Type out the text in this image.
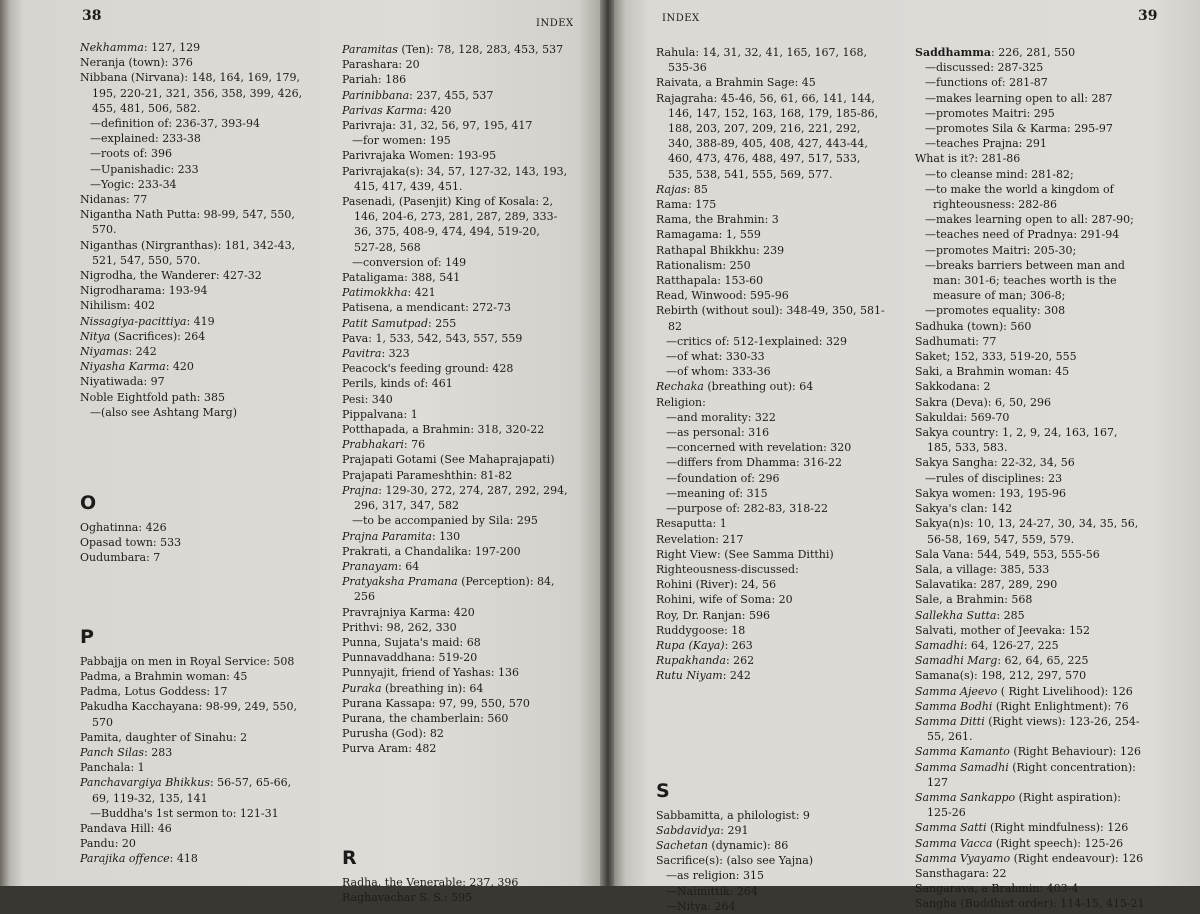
38	INDEX
Nekhamma: 127, 129
Neranja (town): 376
Nibbana (Nirvana): 148, 164, 169, 179, 195, 220-21, 321, 356, 358, 399, 426, 455, 481, 506, 582.
—definition of: 236-37, 393-94
—explained: 233-38
—roots of: 396
—Upanishadic: 233
—Yogic: 233-34
Nidanas: 77
Nigantha Nath Putta: 98-99, 547, 550, 570.
Niganthas (Nirgranthas): 181, 342-43, 521, 547, 550, 570.
Nigrodha, the Wanderer: 427-32
Nigrodharama: 193-94
Nihilism: 402
Nissagiya-pacittiya: 419
Nitya (Sacrifices): 264
Niyamas: 242
Niyasha Karma: 420
Niyatiwada: 97
Noble Eightfold path: 385
—(also see Ashtang Marg)
O
Oghatinna: 426
Opasad town: 533
Oudumbara: 7
P
Pabbajja on men in Royal Service: 508
Padma, a Brahmin woman: 45
Padma, Lotus Goddess: 17
Pakudha Kacchayana: 98-99, 249, 550, 570
Pamita, daughter of Sinahu: 2
Panch Silas: 283
Panchala: 1
Panchavargiya Bhikkus: 56-57, 65-66, 69, 119-32, 135, 141
—Buddha's 1st sermon to: 121-31
Pandava Hill: 46
Pandu: 20
Parajika offence: 418
Paramitas (Ten): 78, 128, 283, 453, 537
Parashara: 20
Pariah: 186
Parinibbana: 237, 455, 537
Parivas Karma: 420
Parivraja: 31, 32, 56, 97, 195, 417
—for women: 195
Parivrajaka Women: 193-95
Parivrajaka(s): 34, 57, 127-32, 143, 193, 415, 417, 439, 451.
Pasenadi, (Pasenjit) King of Kosala: 2, 146, 204-6, 273, 281, 287, 289, 333-36, 375, 408-9, 474, 494, 519-20, 527-28, 568
—conversion of: 149
Pataligama: 388, 541
Patimokkha: 421
Patisena, a mendicant: 272-73
Patit Samutpad: 255
Pava: 1, 533, 542, 543, 557, 559
Pavitra: 323
Peacock's feeding ground: 428
Perils, kinds of: 461
Pesi: 340
Pippalvana: 1
Potthapada, a Brahmin: 318, 320-22
Prabhakari: 76
Prajapati Gotami (See Mahaprajapati)
Prajapati Parameshthin: 81-82
Prajna: 129-30, 272, 274, 287, 292, 294, 296, 317, 347, 582
—to be accompanied by Sila: 295
Prajna Paramita: 130
Prakrati, a Chandalika: 197-200
Pranayam: 64
Pratyaksha Pramana (Perception): 84, 256
Pravrajniya Karma: 420
Prithvi: 98, 262, 330
Punna, Sujata's maid: 68
Punnavaddhana: 519-20
Punnyajit, friend of Yashas: 136
Puraka (breathing in): 64
Purana Kassapa: 97, 99, 550, 570
Purana, the chamberlain: 560
Purusha (God): 82
Purva Aram: 482
R
Radha, the Venerable: 237, 396
Raghavachar S. S.: 595
INDEX	39
Rahula: 14, 31, 32, 41, 165, 167, 168, 535-36
Raivata, a Brahmin Sage: 45
Rajagraha: 45-46, 56, 61, 66, 141, 144, 146, 147, 152, 163, 168, 179, 185-86, 188, 203, 207, 209, 216, 221, 292, 340, 388-89, 405, 408, 427, 443-44, 460, 473, 476, 488, 497, 517, 533, 535, 538, 541, 555, 569, 577.
Rajas: 85
Rama: 175
Rama, the Brahmin: 3
Ramagama: 1, 559
Rathapal Bhikkhu: 239
Rationalism: 250
Ratthapala: 153-60
Read, Winwood: 595-96
Rebirth (without soul): 348-49, 350, 581-82
—critics of: 512-1explained: 329
—of what: 330-33
—of whom: 333-36
Rechaka (breathing out): 64
Religion:
—and morality: 322
—as personal: 316
—concerned with revelation: 320
—differs from Dhamma: 316-22
—foundation of: 296
—meaning of: 315
—purpose of: 282-83, 318-22
Resaputta: 1
Revelation: 217
Right View: (See Samma Ditthi)
Righteousness-discussed:
Rohini (River): 24, 56
Rohini, wife of Soma: 20
Roy, Dr. Ranjan: 596
Ruddygoose: 18
Rupa (Kaya): 263
Rupakhanda: 262
Rutu Niyam: 242
S
Sabbamitta, a philologist: 9
Sabdavidya: 291
Sachetan (dynamic): 86
Sacrifice(s): (also see Yajna)
—as religion: 315
—Naimittik: 264
—Nitya: 264
Saddhamma: 226, 281, 550
—discussed: 287-325
—functions of: 281-87
—makes learning open to all: 287
—promotes Maitri: 295
—promotes Sila & Karma: 295-97
—teaches Prajna: 291
What is it?: 281-86
—to cleanse mind: 281-82;
—to make the world a kingdom of righteousness: 282-86
—makes learning open to all: 287-90;
—teaches need of Pradnya: 291-94
—promotes Maitri: 205-30;
—breaks barriers between man and man: 301-6; teaches worth is the measure of man; 306-8;
—promotes equality: 308
Sadhuka (town): 560
Sadhumati: 77
Saket; 152, 333, 519-20, 555
Saki, a Brahmin woman: 45
Sakkodana: 2
Sakra (Deva): 6, 50, 296
Sakuldai: 569-70
Sakya country: 1, 2, 9, 24, 163, 167, 185, 533, 583.
Sakya Sangha: 22-32, 34, 56
—rules of disciplines: 23
Sakya women: 193, 195-96
Sakya's clan: 142
Sakya(n)s: 10, 13, 24-27, 30, 34, 35, 56, 56-58, 169, 547, 559, 579.
Sala Vana: 544, 549, 553, 555-56
Sala, a village: 385, 533
Salavatika: 287, 289, 290
Sale, a Brahmin: 568
Sallekha Sutta: 285
Salvati, mother of Jeevaka: 152
Samadhi: 64, 126-27, 225
Samadhi Marg: 62, 64, 65, 225
Samana(s): 198, 212, 297, 570
Samma Ajeevo ( Right Livelihood): 126
Samma Bodhi (Right Enlightment): 76
Samma Ditti (Right views): 123-26, 254-55, 261.
Samma Kamanto (Right Behaviour): 126
Samma Samadhi (Right concentration): 127
Samma Sankappo (Right aspiration): 125-26
Samma Satti (Right mindfulness): 126
Samma Vacca (Right speech): 125-26
Samma Vyayamo (Right endeavour): 126
Sansthagara: 22
Sangarava, a Brahmin: 403-4
Sangha (Buddhist order): 114-15, 415-21
